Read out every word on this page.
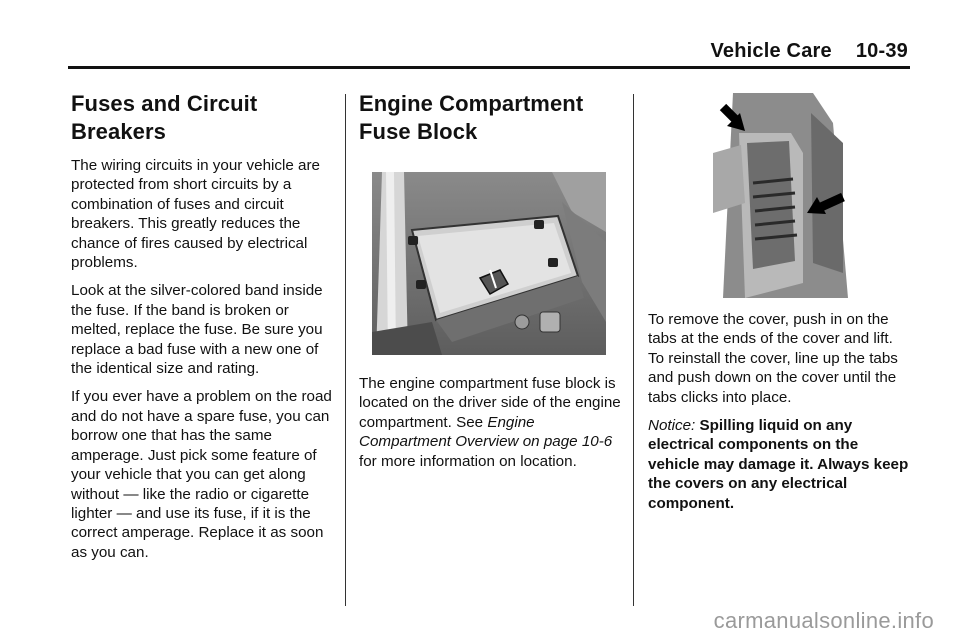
Vehicle Care 10-39
Fuses and Circuit Breakers

The wiring circuits in your vehicle are protected from short circuits by a combination of fuses and circuit breakers. This greatly reduces the chance of fires caused by electrical problems.

Look at the silver-colored band inside the fuse. If the band is broken or melted, replace the fuse. Be sure you replace a bad fuse with a new one of the identical size and rating.

If you ever have a problem on the road and do not have a spare fuse, you can borrow one that has the same amperage. Just pick some feature of your vehicle that you can get along without — like the radio or cigarette lighter — and use its fuse, if it is the correct amperage. Replace it as soon as you can.

Engine Compartment Fuse Block

The engine compartment fuse block is located on the driver side of the engine compartment. See Engine Compartment Overview on page 10-6 for more information on location.

To remove the cover, push in on the tabs at the ends of the cover and lift. To reinstall the cover, line up the tabs and push down on the cover until the tabs clicks into place.

Notice: Spilling liquid on any electrical components on the vehicle may damage it. Always keep the covers on any electrical component.

carmanualsonline.info
